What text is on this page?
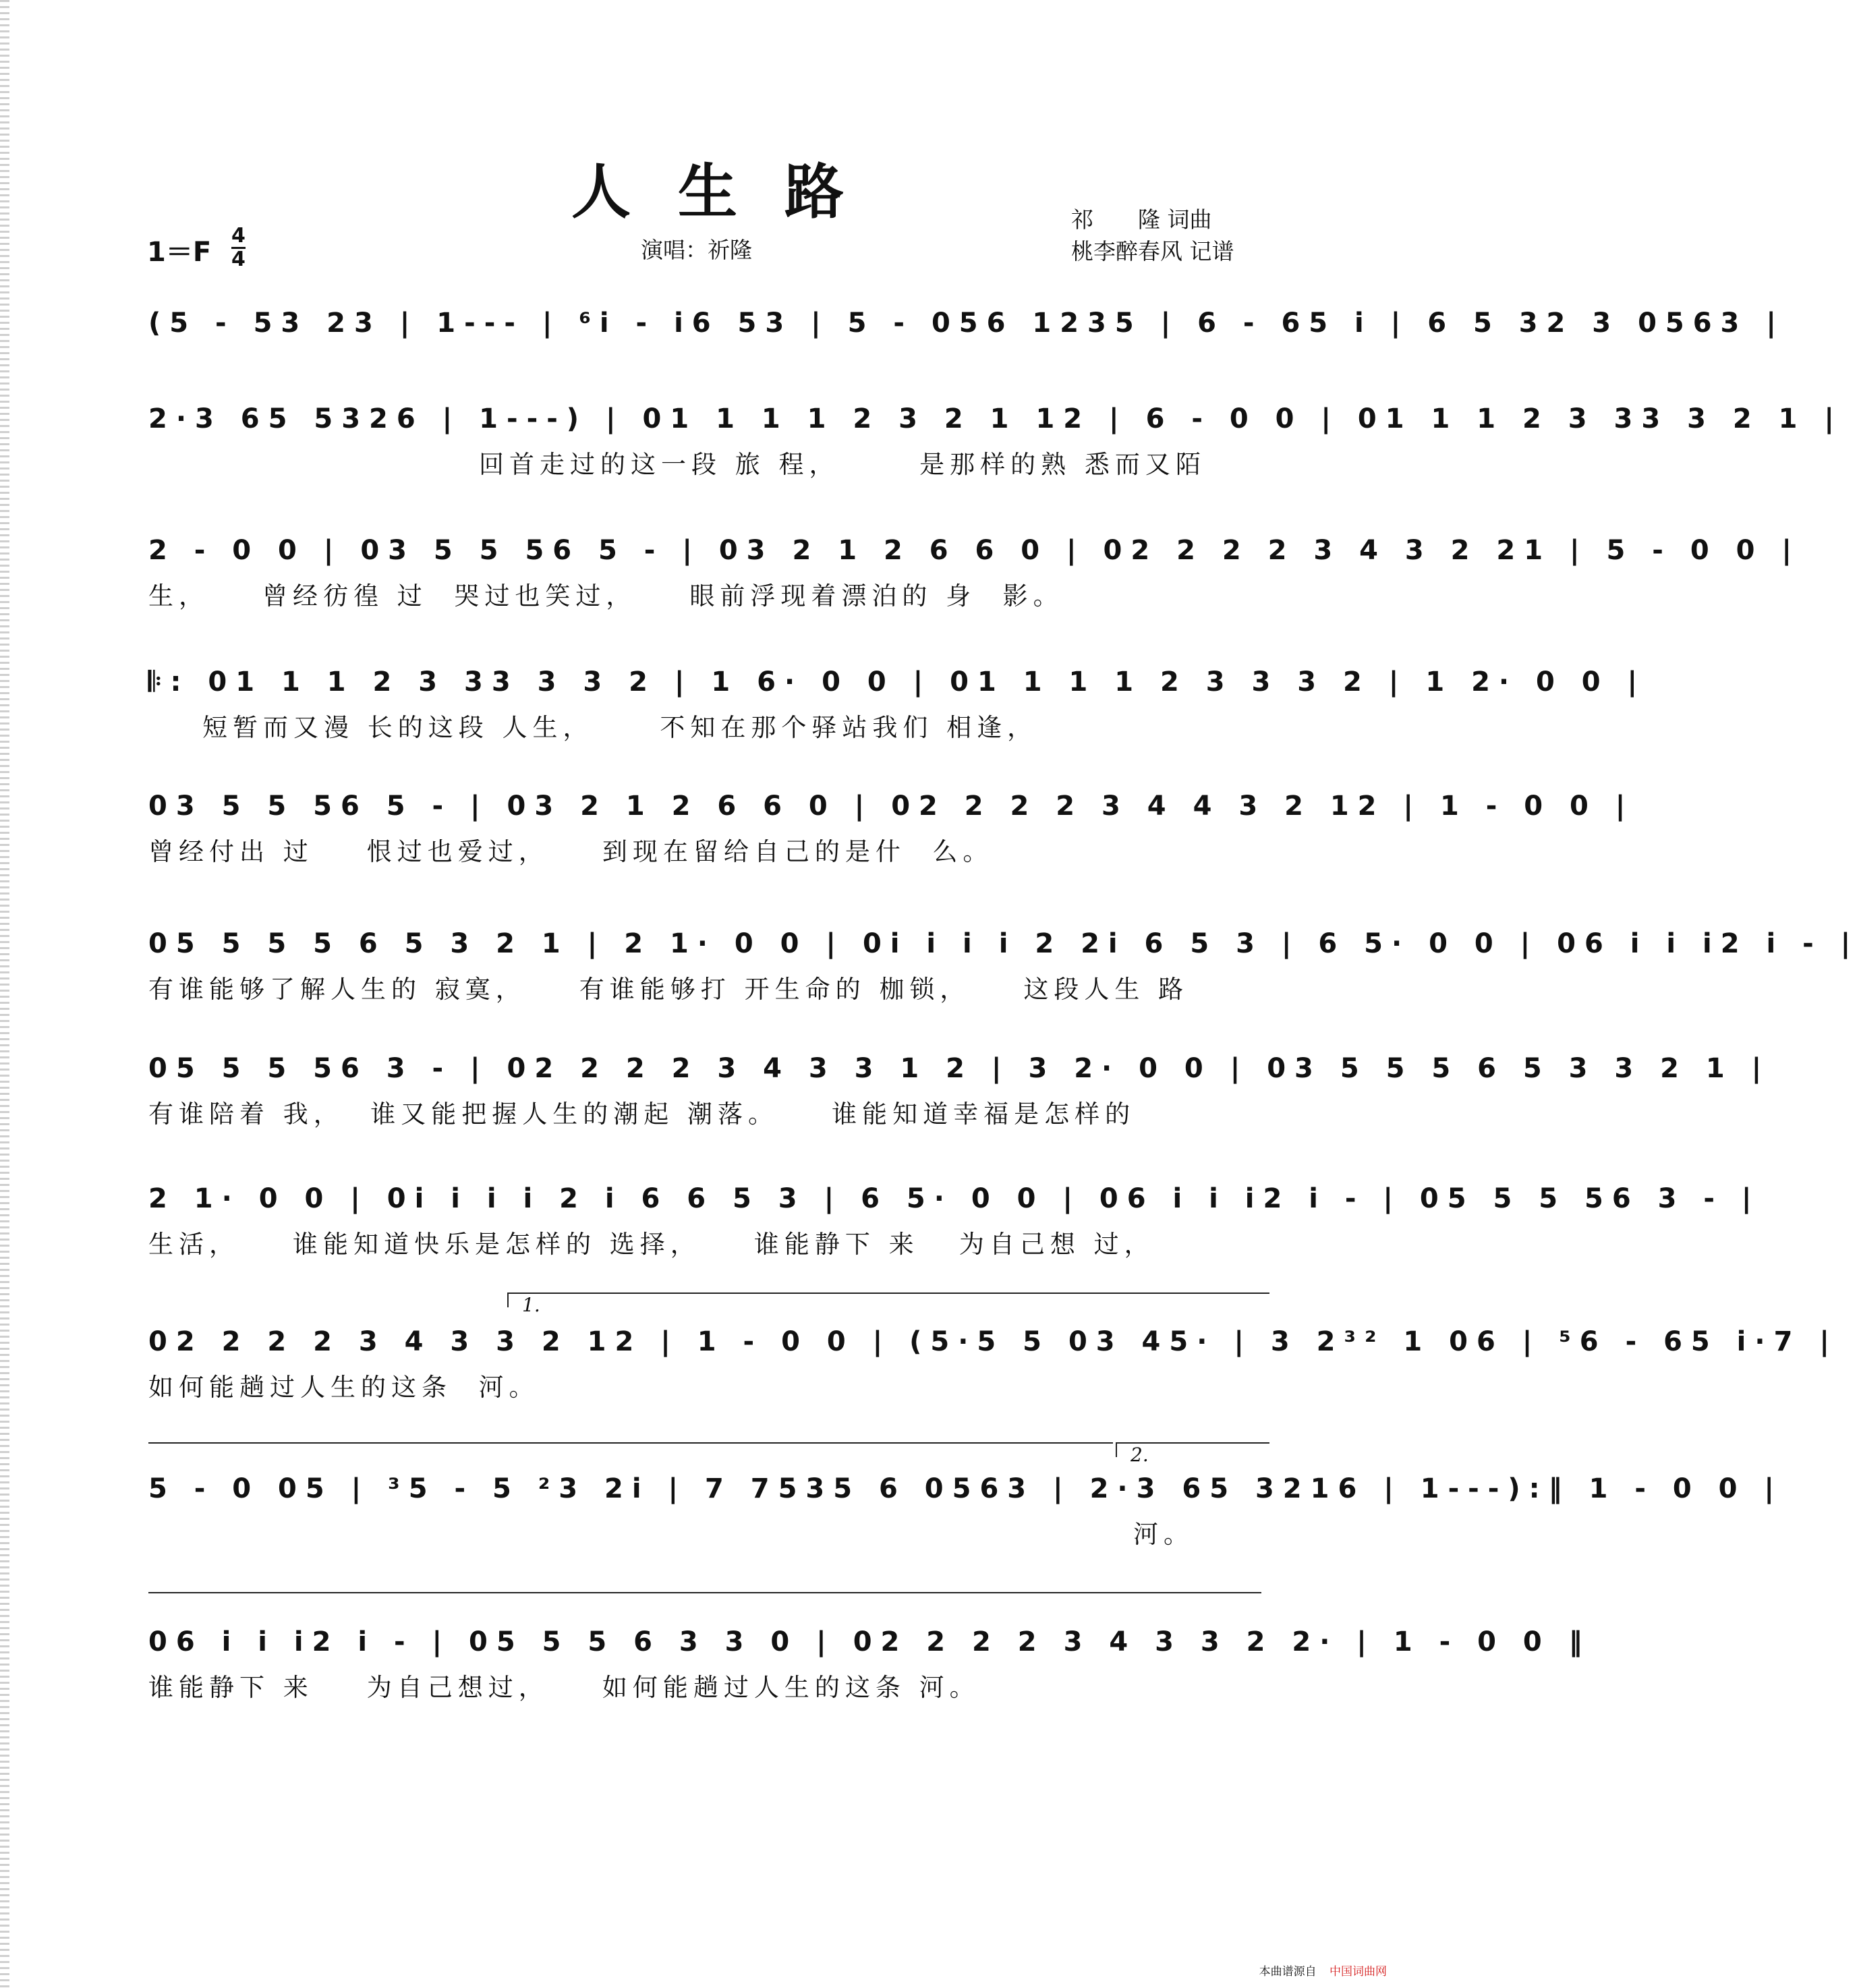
人生路	祁　　隆 词曲
桃李醉春风 记谱
演唱：祈隆
1＝F
4
4
(5 - 53 23 | 1--- | ⁶i - i6 53 | 5 - 056 1235 | 6 - 65 i | 6 5 32 3 0563 |
2·3 65 5326 | 1---) | 01 1 1 1 2 3 2 1 12 | 6 - 0 0 | 01 1 1 2 3 33 3 2 1 |
回首走过的这一段 旅 程，      是那样的熟 悉而又陌
2 - 0 0 | 03 5 5 56 5 - | 03 2 1 2 6 6 0 | 02 2 2 2 3 4 3 2 21 | 5 - 0 0 |
生，    曾经彷徨 过  哭过也笑过，    眼前浮现着漂泊的 身  影。
𝄆: 01 1 1 2 3 33 3 3 2 | 1 6· 0 0 | 01 1 1 1 2 3 3 3 2 | 1 2· 0 0 |
短暂而又漫 长的这段 人生，     不知在那个驿站我们 相逢，
03 5 5 56 5 - | 03 2 1 2 6 6 0 | 02 2 2 2 3 4 4 3 2 12 | 1 - 0 0 |
曾经付出 过    恨过也爱过，    到现在留给自己的是什  么。
05 5 5 5 6 5 3 2 1 | 2 1· 0 0 | 0i i i i 2 2i 6 5 3 | 6 5· 0 0 | 06 i i i2 i - |
有谁能够了解人生的 寂寞，    有谁能够打 开生命的 枷锁，    这段人生 路
05 5 5 56 3 - | 02 2 2 2 3 4 3 3 1 2 | 3 2· 0 0 | 03 5 5 5 6 5 3 3 2 1 |
有谁陪着 我，  谁又能把握人生的潮起 潮落。    谁能知道幸福是怎样的
2 1· 0 0 | 0i i i i 2 i 6 6 5 3 | 6 5· 0 0 | 06 i i i2 i - | 05 5 5 56 3 - |
生活，    谁能知道快乐是怎样的 选择，    谁能静下 来   为自己想 过，
1.
02 2 2 2 3 4 3 3 2 12 | 1 - 0 0 | (5·5 5 03 45· | 3 2³² 1 06 | ⁵6 - 65 i·7 |
如何能趟过人生的这条  河。
2.
5 - 0 05 | ³5 - 5 ²3 2i | 7 7535 6 0563 | 2·3 65 3216 | 1---):‖ 1 - 0 0 |
河。
06 i i i2 i - | 05 5 5 6 3 3 0 | 02 2 2 2 3 4 3 3 2 2· | 1 - 0 0 ‖
谁能静下 来    为自己想过，    如何能趟过人生的这条 河。
本曲谱源自 中国词曲网
